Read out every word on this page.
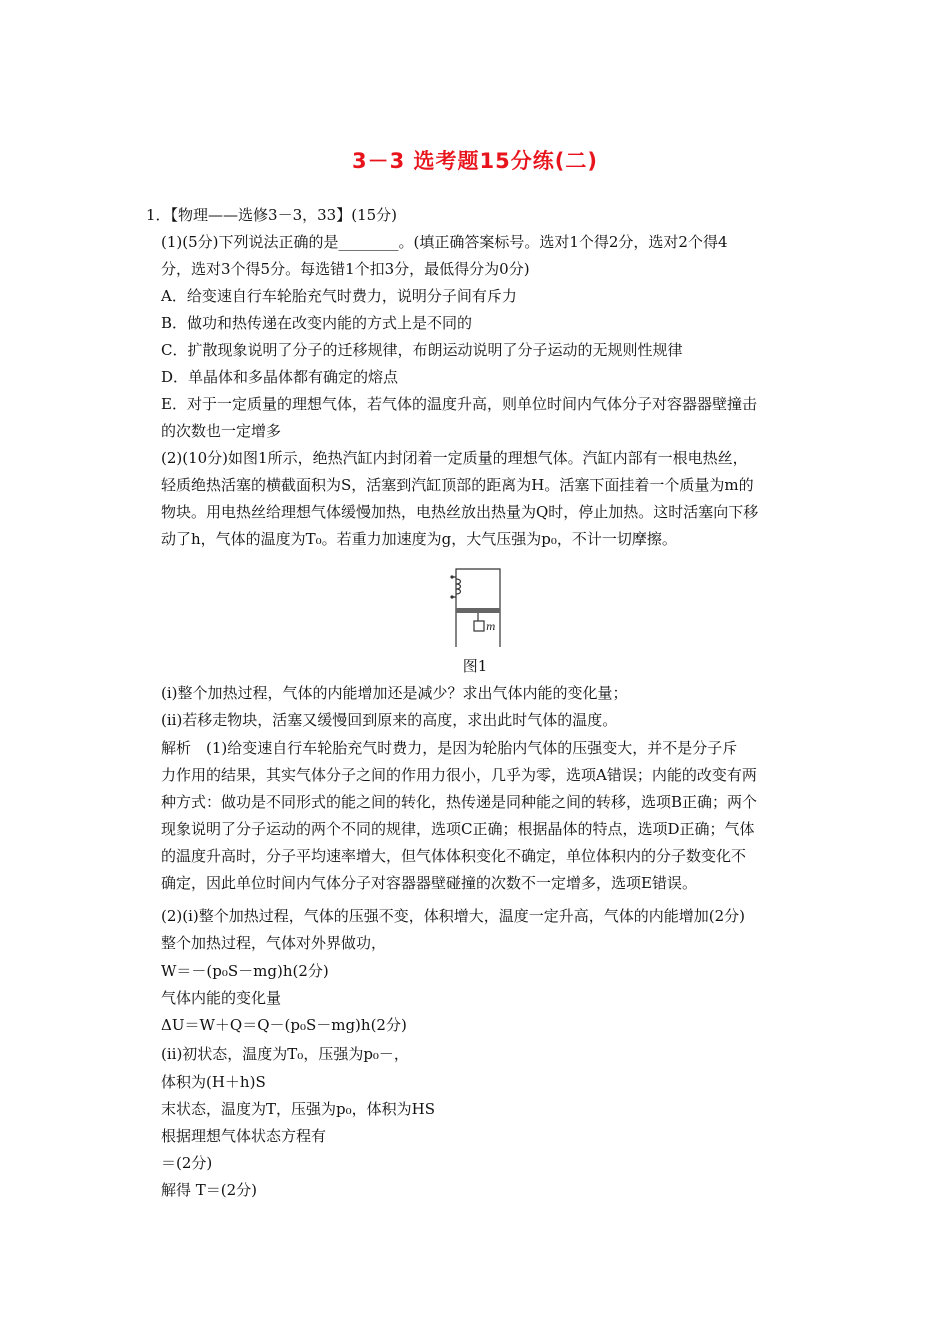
3－3 选考题15分练(二)
1．【物理——选修3－3，33】(15分)
(1)(5分)下列说法正确的是________。(填正确答案标号。选对1个得2分，选对2个得4
分，选对3个得5分。每选错1个扣3分，最低得分为0分)
A．给变速自行车轮胎充气时费力，说明分子间有斥力
B．做功和热传递在改变内能的方式上是不同的
C．扩散现象说明了分子的迁移规律，布朗运动说明了分子运动的无规则性规律
D．单晶体和多晶体都有确定的熔点
E．对于一定质量的理想气体，若气体的温度升高，则单位时间内气体分子对容器器壁撞击
的次数也一定增多
(2)(10分)如图1所示，绝热汽缸内封闭着一定质量的理想气体。汽缸内部有一根电热丝，
轻质绝热活塞的横截面积为S，活塞到汽缸顶部的距离为H。活塞下面挂着一个质量为m的
物块。用电热丝给理想气体缓慢加热，电热丝放出热量为Q时，停止加热。这时活塞向下移
动了h，气体的温度为T₀。若重力加速度为g，大气压强为p₀，不计一切摩擦。
m
图1
(ⅰ)整个加热过程，气体的内能增加还是减少？求出气体内能的变化量；
(ⅱ)若移走物块，活塞又缓慢回到原来的高度，求出此时气体的温度。
解析　(1)给变速自行车轮胎充气时费力，是因为轮胎内气体的压强变大，并不是分子斥
力作用的结果，其实气体分子之间的作用力很小，几乎为零，选项A错误；内能的改变有两
种方式：做功是不同形式的能之间的转化，热传递是同种能之间的转移，选项B正确；两个
现象说明了分子运动的两个不同的规律，选项C正确；根据晶体的特点，选项D正确；气体
的温度升高时，分子平均速率增大，但气体体积变化不确定，单位体积内的分子数变化不
确定，因此单位时间内气体分子对容器器壁碰撞的次数不一定增多，选项E错误。
(2)(ⅰ)整个加热过程，气体的压强不变，体积增大，温度一定升高，气体的内能增加(2分)
整个加热过程，气体对外界做功，
W＝－(p₀S－mg)h(2分)
气体内能的变化量
ΔU＝W＋Q＝Q－(p₀S－mg)h(2分)
(ⅱ)初状态，温度为T₀，压强为p₀－，
体积为(H＋h)S
末状态，温度为T，压强为p₀，体积为HS
根据理想气体状态方程有
＝(2分)
解得 T＝(2分)
